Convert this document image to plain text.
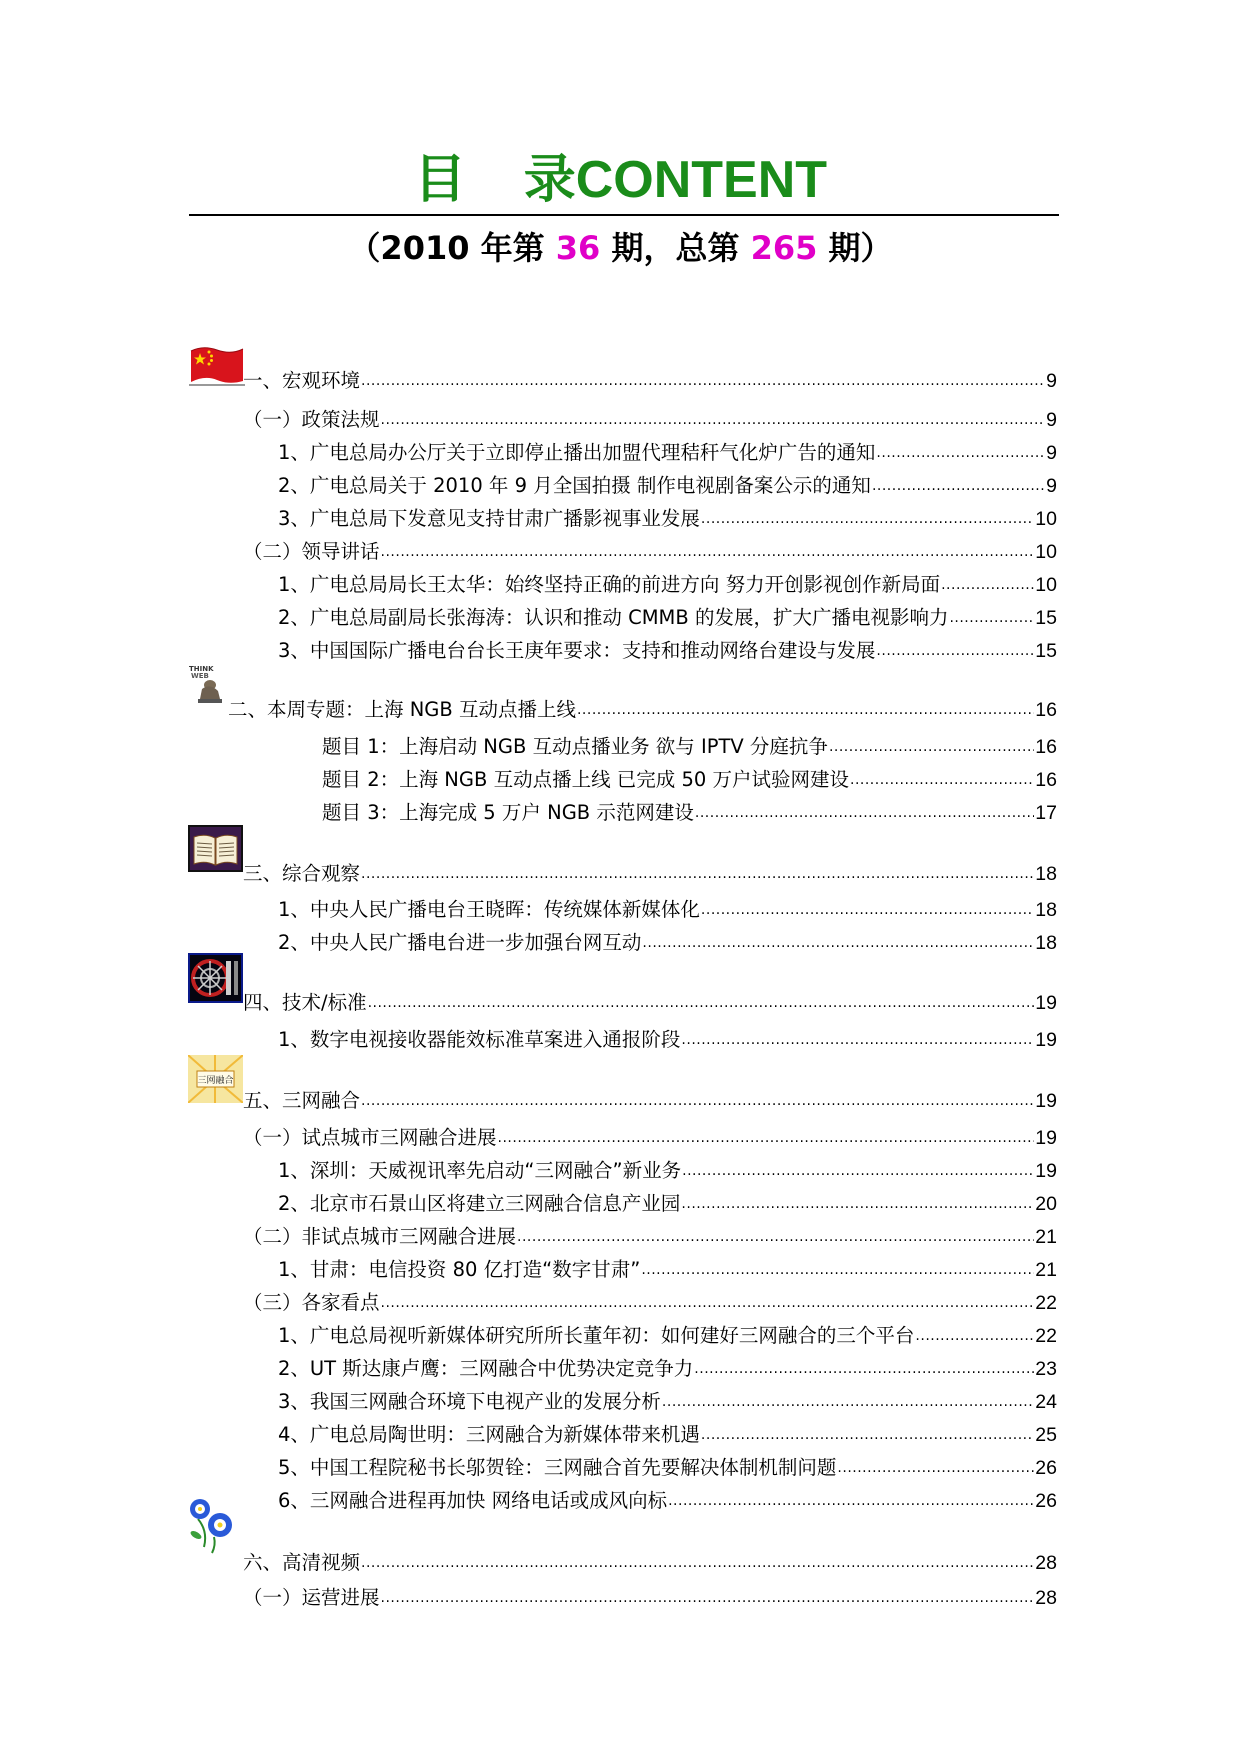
目    录CONTENT
（2010 年第 36 期，总第 265 期）
THINK
WEB
三网融合
一、宏观环境 .....	9
（一）政策法规 .....	9
1、广电总局办公厅关于立即停止播出加盟代理秸秆气化炉广告的通知 .....	9
2、广电总局关于 2010 年 9 月全国拍摄 制作电视剧备案公示的通知 .....	9
3、广电总局下发意见支持甘肃广播影视事业发展 .....	10
（二）领导讲话 .....	10
1、广电总局局长王太华：始终坚持正确的前进方向 努力开创影视创作新局面 .....	10
2、广电总局副局长张海涛：认识和推动 CMMB 的发展，扩大广播电视影响力 .....	15
3、中国国际广播电台台长王庚年要求：支持和推动网络台建设与发展 .....	15
二、本周专题：上海 NGB 互动点播上线 .....	16
题目 1：上海启动 NGB 互动点播业务 欲与 IPTV 分庭抗争 .....	16
题目 2：上海 NGB 互动点播上线 已完成 50 万户试验网建设 .....	16
题目 3：上海完成 5 万户 NGB 示范网建设 .....	17
三、综合观察 .....	18
1、中央人民广播电台王晓晖：传统媒体新媒体化 .....	18
2、中央人民广播电台进一步加强台网互动 .....	18
四、技术/标准 .....	19
1、数字电视接收器能效标准草案进入通报阶段 .....	19
五、三网融合 .....	19
（一）试点城市三网融合进展 .....	19
1、深圳：天威视讯率先启动“三网融合”新业务 .....	19
2、北京市石景山区将建立三网融合信息产业园 .....	20
（二）非试点城市三网融合进展 .....	21
1、甘肃：电信投资 80 亿打造“数字甘肃” .....	21
（三）各家看点 .....	22
1、广电总局视听新媒体研究所所长董年初：如何建好三网融合的三个平台 .....	22
2、UT 斯达康卢鹰：三网融合中优势决定竞争力 .....	23
3、我国三网融合环境下电视产业的发展分析 .....	24
4、广电总局陶世明：三网融合为新媒体带来机遇 .....	25
5、中国工程院秘书长邬贺铨：三网融合首先要解决体制机制问题 .....	26
6、三网融合进程再加快 网络电话或成风向标 .....	26
六、高清视频 .....	28
（一）运营进展 .....	28
